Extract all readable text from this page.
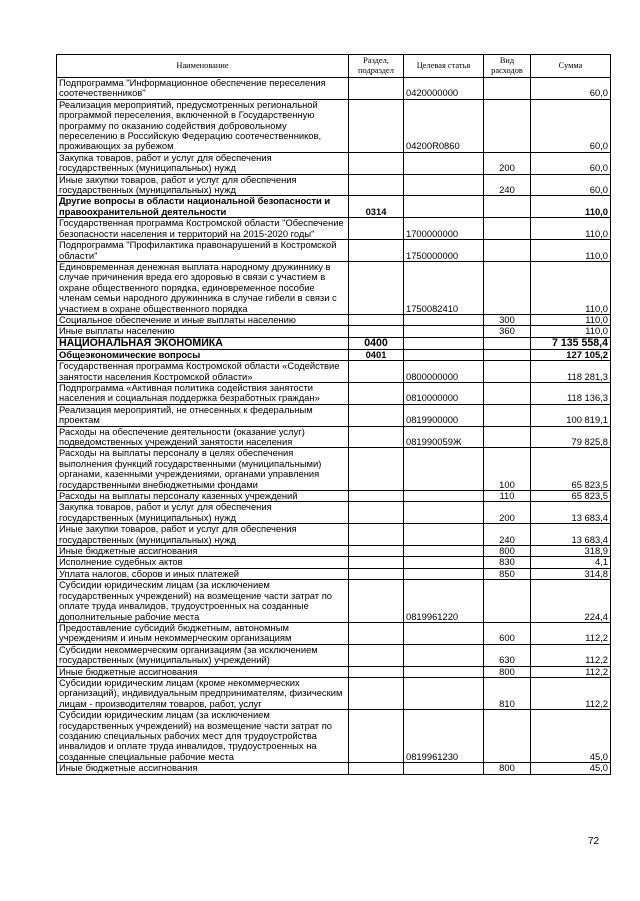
Наименование	Раздел, подраздел	Целевая статья	Вид расходов	Сумма
Подпрограмма "Информационное обеспечение переселения соотечественников"		0420000000		60,0
Реализация мероприятий, предусмотренных региональной программой переселения, включенной в Государственную программу по оказанию содействия добровольному переселению в Российскую Федерацию соотечественников, проживающих за рубежом		04200R0860		60,0
Закупка товаров, работ и услуг для обеспечения государственных (муниципальных) нужд			200	60,0
Иные закупки товаров, работ и услуг для обеспечения государственных (муниципальных) нужд			240	60,0
Другие вопросы в области национальной безопасности и правоохранительной деятельности	0314			110,0
Государственная программа Костромской области "Обеспечение безопасности населения и территорий на 2015-2020 годы"		1700000000		110,0
Подпрограмма "Профилактика правонарушений в Костромской области"		1750000000		110,0
Единовременная денежная выплата народному дружиннику в случае причинения вреда его здоровью в связи с участием в охране общественного порядка, единовременное пособие членам семьи народного дружинника в случае гибели в связи с участием в охране общественного порядка		1750082410		110,0
Социальное обеспечение и иные выплаты населению			300	110,0
Иные выплаты населению			360	110,0
НАЦИОНАЛЬНАЯ ЭКОНОМИКА	0400			7 135 558,4
Общеэкономические вопросы	0401			127 105,2
Государственная программа Костромской области «Содействие занятости населения Костромской области»		0800000000		118 281,3
Подпрограмма «Активная политика содействия занятости населения и социальная поддержка безработных граждан»		0810000000		118 136,3
Реализация мероприятий, не отнесенных к федеральным проектам		0819900000		100 819,1
Расходы на обеспечение деятельности (оказание услуг) подведомственных учреждений занятости населения		081990059Ж		79 825,8
Расходы на выплаты персоналу в целях обеспечения выполнения функций государственными (муниципальными) органами, казенными учреждениями, органами управления государственными внебюджетными фондами			100	65 823,5
Расходы на выплаты персоналу казенных учреждений			110	65 823,5
Закупка товаров, работ и услуг для обеспечения государственных (муниципальных) нужд			200	13 683,4
Иные закупки товаров, работ и услуг для обеспечения государственных (муниципальных) нужд			240	13 683,4
Иные бюджетные ассигнования			800	318,9
Исполнение судебных актов			830	4,1
Уплата налогов, сборов и иных платежей			850	314,8
Субсидии юридическим лицам (за исключением государственных учреждений) на возмещение части затрат по оплате труда инвалидов, трудоустроенных на созданные дополнительные рабочие места		0819961220		224,4
Предоставление субсидий бюджетным, автономным учреждениям и иным некоммерческим организациям			600	112,2
Субсидии некоммерческим организациям (за исключением государственных (муниципальных) учреждений)			630	112,2
Иные бюджетные ассигнования			800	112,2
Субсидии юридическим лицам (кроме некоммерческих организаций), индивидуальным предпринимателям, физическим лицам - производителям товаров, работ, услуг			810	112,2
Субсидии юридическим лицам (за исключением государственных учреждений) на возмещение части затрат по созданию специальных рабочих мест для трудоустройства инвалидов и оплате труда инвалидов, трудоустроенных на созданные специальные рабочие места		0819961230		45,0
Иные бюджетные ассигнования			800	45,0
72
